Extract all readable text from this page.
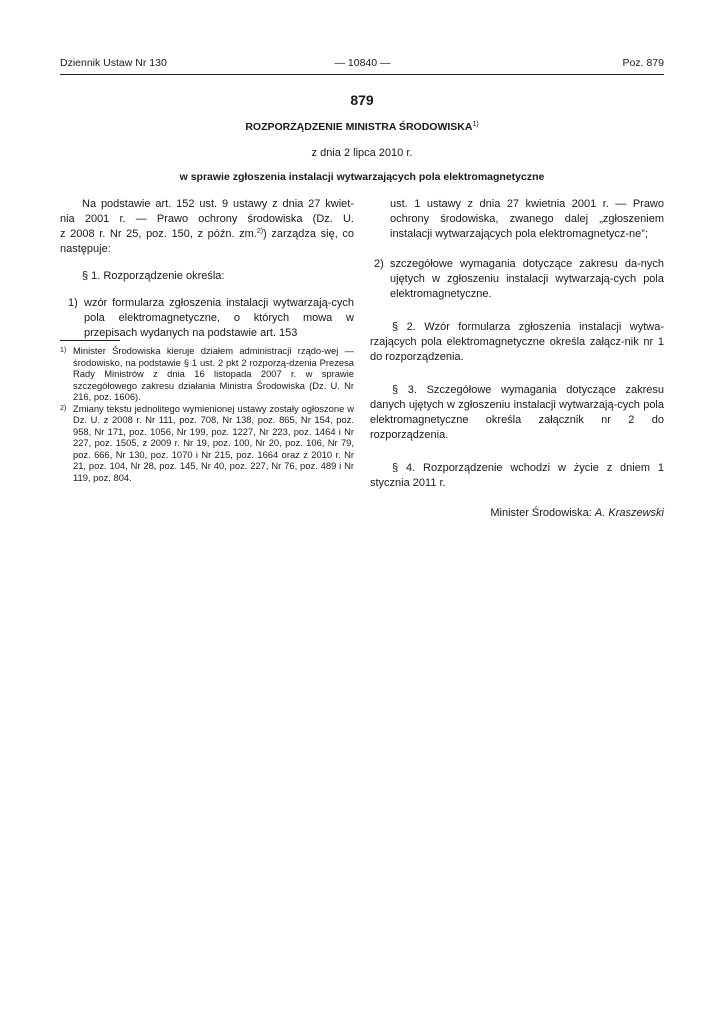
Dziennik Ustaw Nr 130	— 10840 —	Poz. 879
879
ROZPORZĄDZENIE MINISTRA ŚRODOWISKA$^{1)}$
z dnia 2 lipca 2010 r.
w sprawie zgłoszenia instalacji wytwarzających pola elektromagnetyczne

Na podstawie art. 152 ust. 9 ustawy z dnia 27 kwiet-

nia 2001 r. — Prawo ochrony środowiska (Dz. U.

z 2008 r. Nr 25, poz. 150, z późn. zm.$^{2)}$) zarządza się, co

następuje:

§ 1. Rozporządzenie określa:

1) wzór formularza zgłoszenia instalacji wytwarzają-cych pola elektromagnetyczne, o których mowa w przepisach wydanych na podstawie art. 153

1) Minister Środowiska kieruje działem administracji rządo-wej — środowisko, na podstawie § 1 ust. 2 pkt 2 rozporzą-dzenia Prezesa Rady Ministrów z dnia 16 listopada 2007 r. w sprawie szczegółowego zakresu działania Ministra Środowiska (Dz. U. Nr 216, poz. 1606).
2) Zmiany tekstu jednolitego wymienionej ustawy zostały ogłoszone w Dz. U. z 2008 r. Nr 111, poz. 708, Nr 138, poz. 865, Nr 154, poz. 958, Nr 171, poz. 1056, Nr 199, poz. 1227, Nr 223, poz. 1464 i Nr 227, poz. 1505, z 2009 r. Nr 19, poz. 100, Nr 20, poz. 106, Nr 79, poz. 666, Nr 130, poz. 1070 i Nr 215, poz. 1664 oraz z 2010 r. Nr 21, poz. 104, Nr 28, poz. 145, Nr 40, poz. 227, Nr 76, poz. 489 i Nr 119, poz. 804.

ust. 1 ustawy z dnia 27 kwietnia 2001 r. — Prawo ochrony środowiska, zwanego dalej „zgłoszeniem instalacji wytwarzających pola elektromagnetycz-ne”;

2) szczegółowe wymagania dotyczące zakresu da-nych ujętych w zgłoszeniu instalacji wytwarzają-cych pola elektromagnetyczne.

§ 2. Wzór formularza zgłoszenia instalacji wytwa-rzających pola elektromagnetyczne określa załącz-nik nr 1 do rozporządzenia.

§ 3. Szczegółowe wymagania dotyczące zakresu danych ujętych w zgłoszeniu instalacji wytwarzają-cych pola elektromagnetyczne określa załącznik nr 2 do rozporządzenia.

§ 4. Rozporządzenie wchodzi w życie z dniem 1 stycznia 2011 r.

Minister Środowiska: A. Kraszewski
